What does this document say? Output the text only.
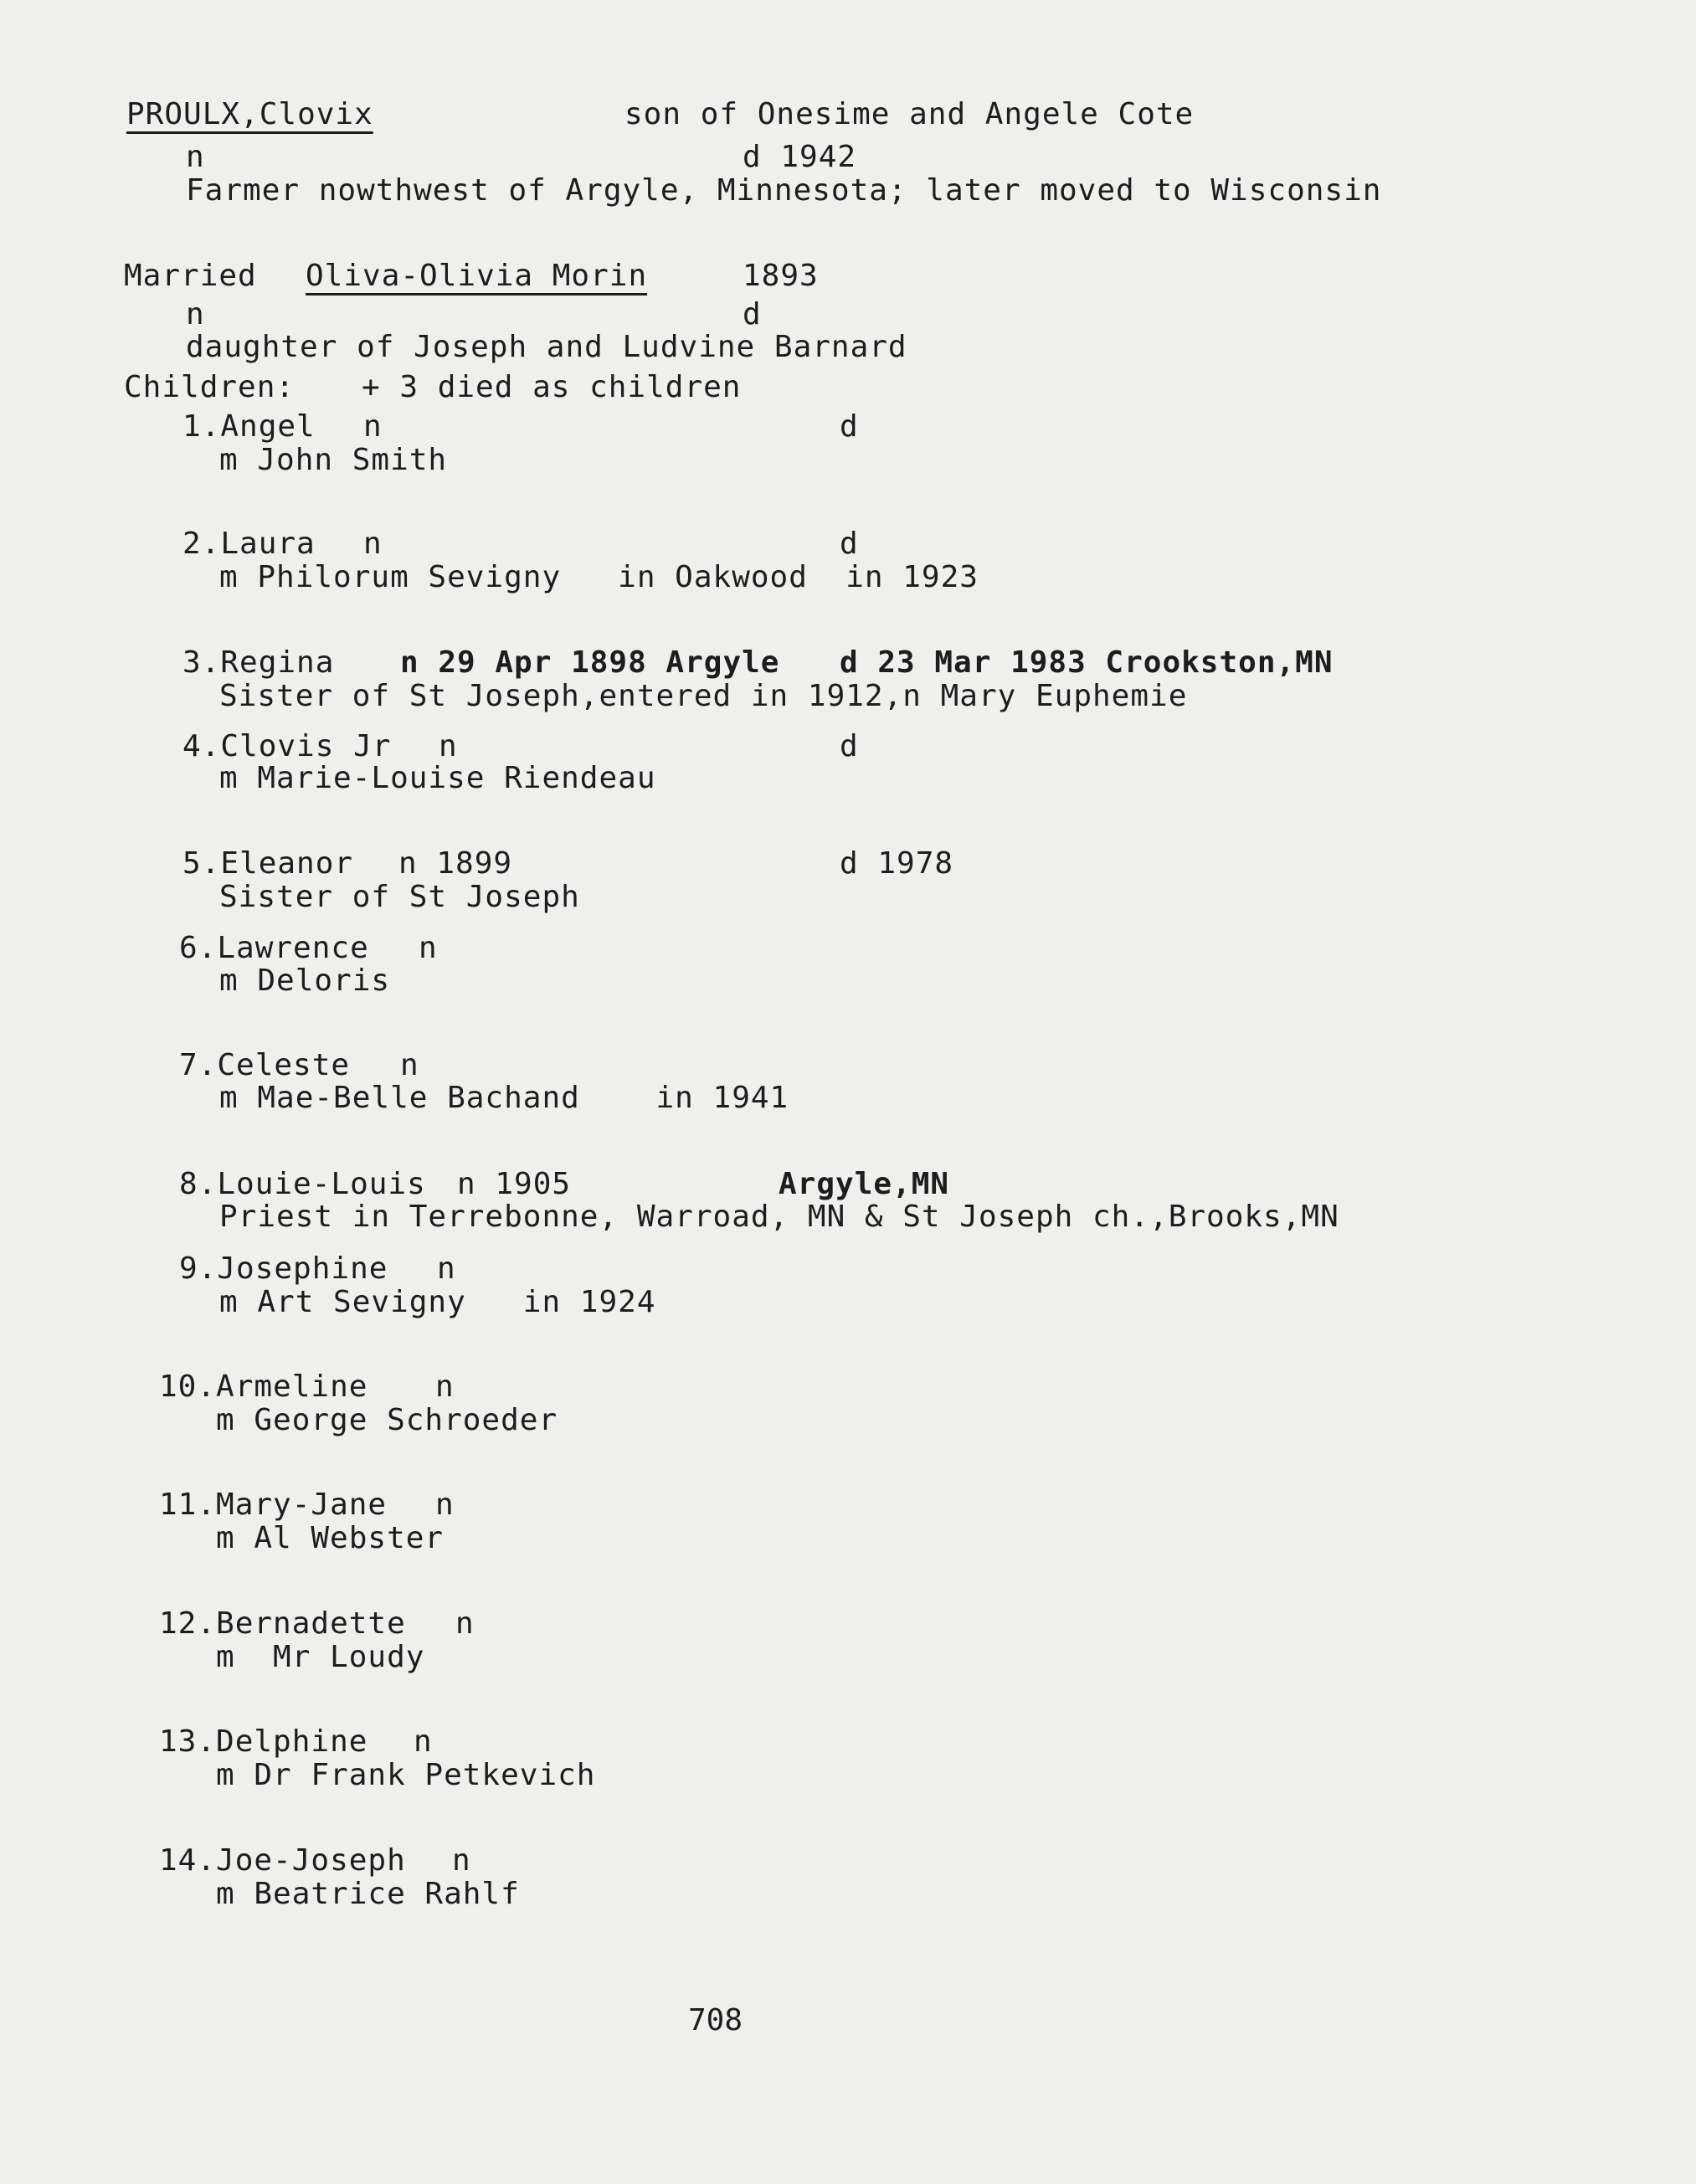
PROULX,Clovix	son of Onesime and Angele Cote
n	d 1942
Farmer nowthwest of Argyle, Minnesota; later moved to Wisconsin
Married Oliva-Olivia Morin	1893
n	d
daughter of Joseph and Ludvine Barnard
Children: + 3 died as children
1.Angel n	d
m John Smith
2.Laura n	d
m Philorum Sevigny   in Oakwood  in 1923
3.Regina n 29 Apr 1898 Argyle d 23 Mar 1983 Crookston,MN
Sister of St Joseph,entered in 1912,n Mary Euphemie
4.Clovis Jr n	d
m Marie-Louise Riendeau
5.Eleanor n 1899	d 1978
Sister of St Joseph
6.Lawrence n
m Deloris
7.Celeste n
m Mae-Belle Bachand    in 1941
8.Louie-Louis n 1905	Argyle,MN
Priest in Terrebonne, Warroad, MN & St Joseph ch.,Brooks,MN
9.Josephine n
m Art Sevigny   in 1924
10.Armeline n
m George Schroeder
11.Mary-Jane n
m Al Webster
12.Bernadette n
m  Mr Loudy
13.Delphine n
m Dr Frank Petkevich
14.Joe-Joseph n
m Beatrice Rahlf
708
